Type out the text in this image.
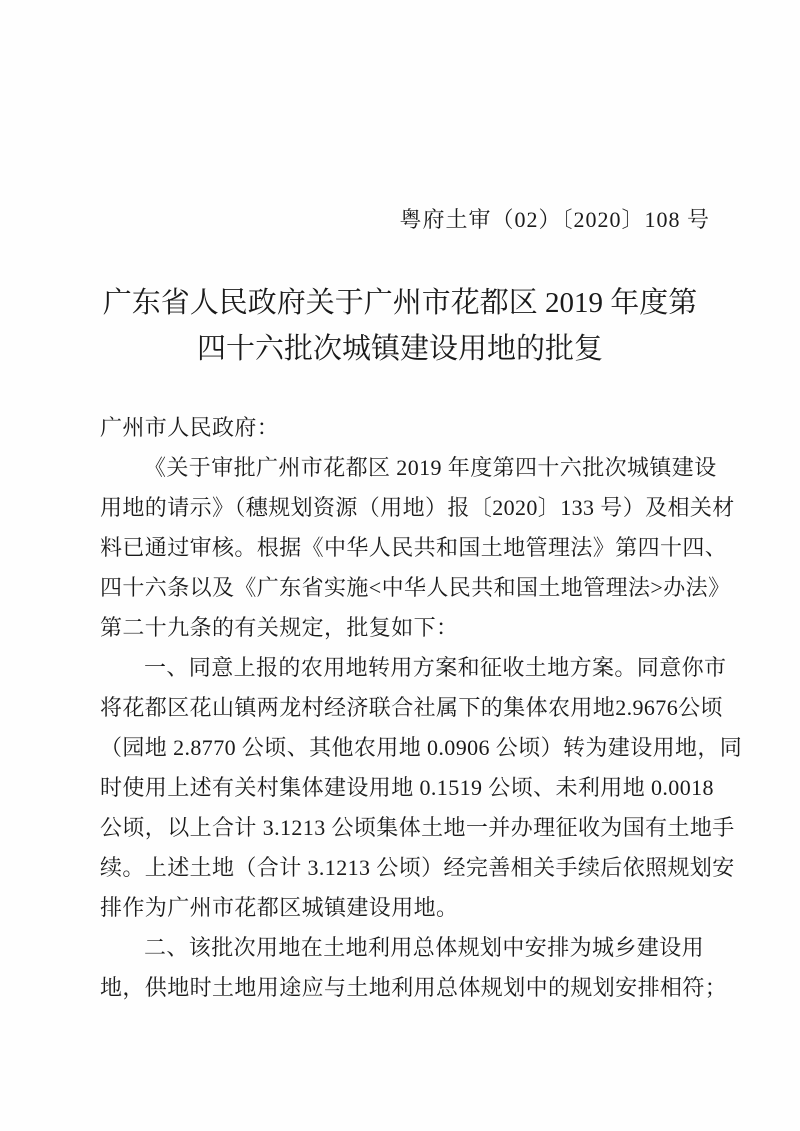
粤府土审（02）〔2020〕108 号
广东省人民政府关于广州市花都区 2019 年度第
四十六批次城镇建设用地的批复
广州市人民政府：
《关于审批广州市花都区 2019 年度第四十六批次城镇建设
用地的请示》（穗规划资源（用地）报〔2020〕133 号）及相关材
料已通过审核。根据《中华人民共和国土地管理法》第四十四、
四十六条以及《广东省实施<中华人民共和国土地管理法>办法》
第二十九条的有关规定，批复如下：
一、同意上报的农用地转用方案和征收土地方案。同意你市
将花都区花山镇两龙村经济联合社属下的集体农用地2.9676公顷
（园地 2.8770 公顷、其他农用地 0.0906 公顷）转为建设用地，同
时使用上述有关村集体建设用地 0.1519 公顷、未利用地 0.0018
公顷，以上合计 3.1213 公顷集体土地一并办理征收为国有土地手
续。上述土地（合计 3.1213 公顷）经完善相关手续后依照规划安
排作为广州市花都区城镇建设用地。
二、该批次用地在土地利用总体规划中安排为城乡建设用
地，供地时土地用途应与土地利用总体规划中的规划安排相符；
